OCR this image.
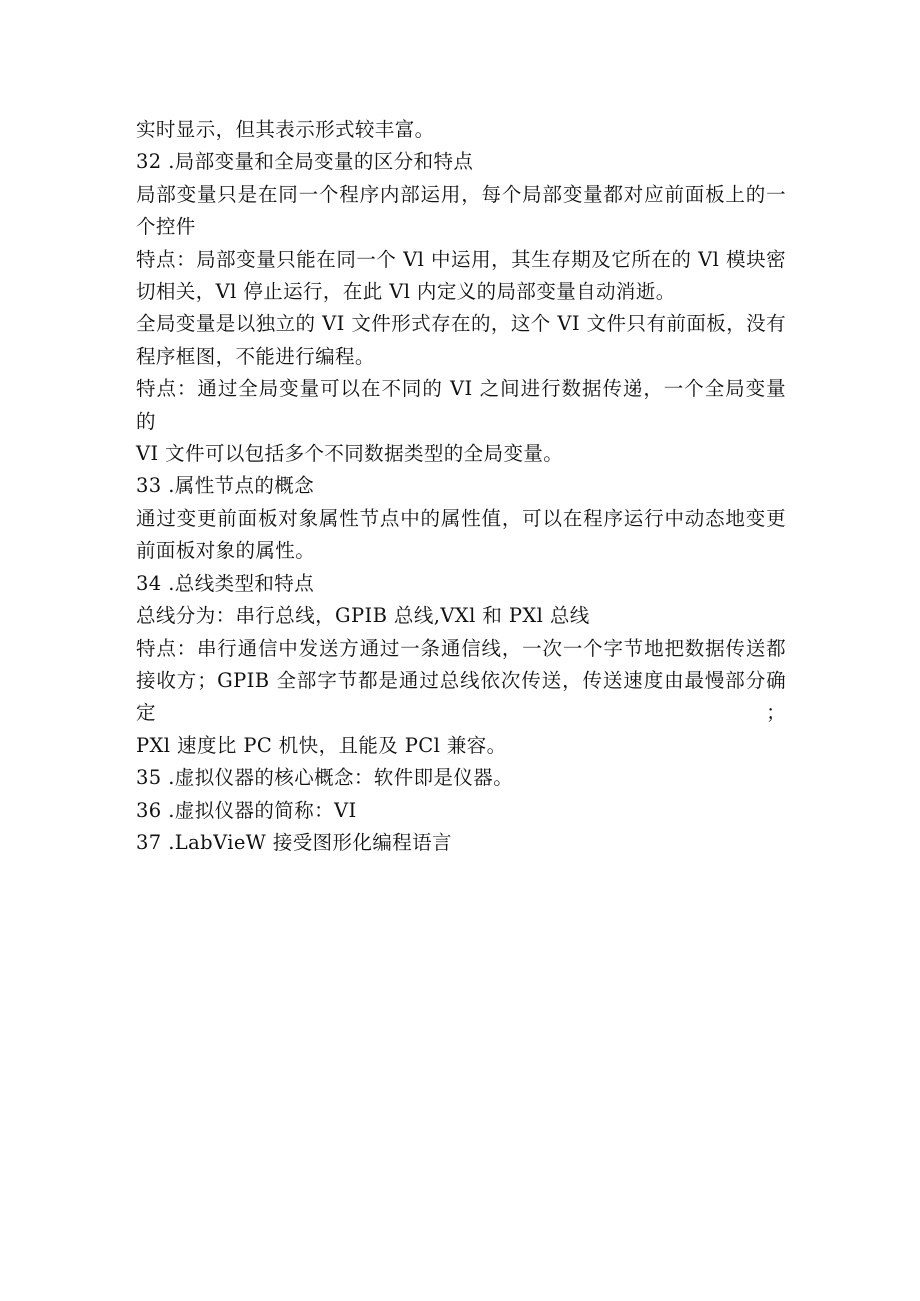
实时显示，但其表示形式较丰富。
32 .局部变量和全局变量的区分和特点
局部变量只是在同一个程序内部运用，每个局部变量都对应前面板上的一
个控件
特点：局部变量只能在同一个 Vl 中运用，其生存期及它所在的 Vl 模块密
切相关，Vl 停止运行，在此 Vl 内定义的局部变量自动消逝。
全局变量是以独立的 VI 文件形式存在的，这个 VI 文件只有前面板，没有
程序框图，不能进行编程。
特点：通过全局变量可以在不同的 VI 之间进行数据传递，一个全局变量的
VI 文件可以包括多个不同数据类型的全局变量。
33 .属性节点的概念
通过变更前面板对象属性节点中的属性值，可以在程序运行中动态地变更
前面板对象的属性。
34 .总线类型和特点
总线分为：串行总线，GPIB 总线,VXl 和 PXl 总线
特点：串行通信中发送方通过一条通信线，一次一个字节地把数据传送都
接收方；GPIB 全部字节都是通过总线依次传送，传送速度由最慢部分确定；
PXl 速度比 PC 机快，且能及 PCl 兼容。
35 .虚拟仪器的核心概念：软件即是仪器。
36 .虚拟仪器的简称：VI
37 .LabVieW 接受图形化编程语言
